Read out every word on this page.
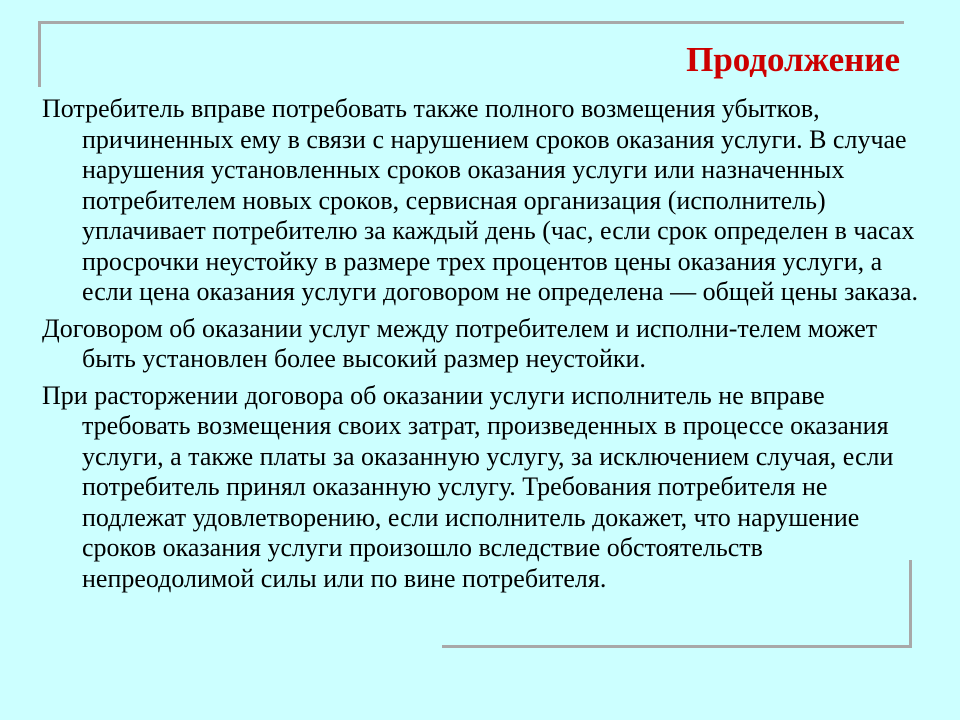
Продолжение
Потребитель вправе потребовать также полного возмещения убытков, причиненных ему в связи с нарушением сроков оказания услуги. В случае нарушения установленных сроков оказания услуги или назначенных потребителем новых сроков, сервисная организация (исполнитель) уплачивает потребителю за каждый день (час, если срок определен в часах просрочки неустойку в размере трех процентов цены оказания услуги, а если цена оказания услуги договором не определена — общей цены заказа.
Договором об оказании услуг между потребителем и исполни-телем может быть установлен более высокий размер неустойки.
При расторжении договора об оказании услуги исполнитель не вправе требовать возмещения своих затрат, произведенных в процессе оказания услуги, а также платы за оказанную услугу, за исключением случая, если потребитель принял оказанную услугу. Требования потребителя не подлежат удовлетворению, если исполнитель докажет, что нарушение сроков оказания услуги произошло вследствие обстоятельств непреодолимой силы или по вине потребителя.
